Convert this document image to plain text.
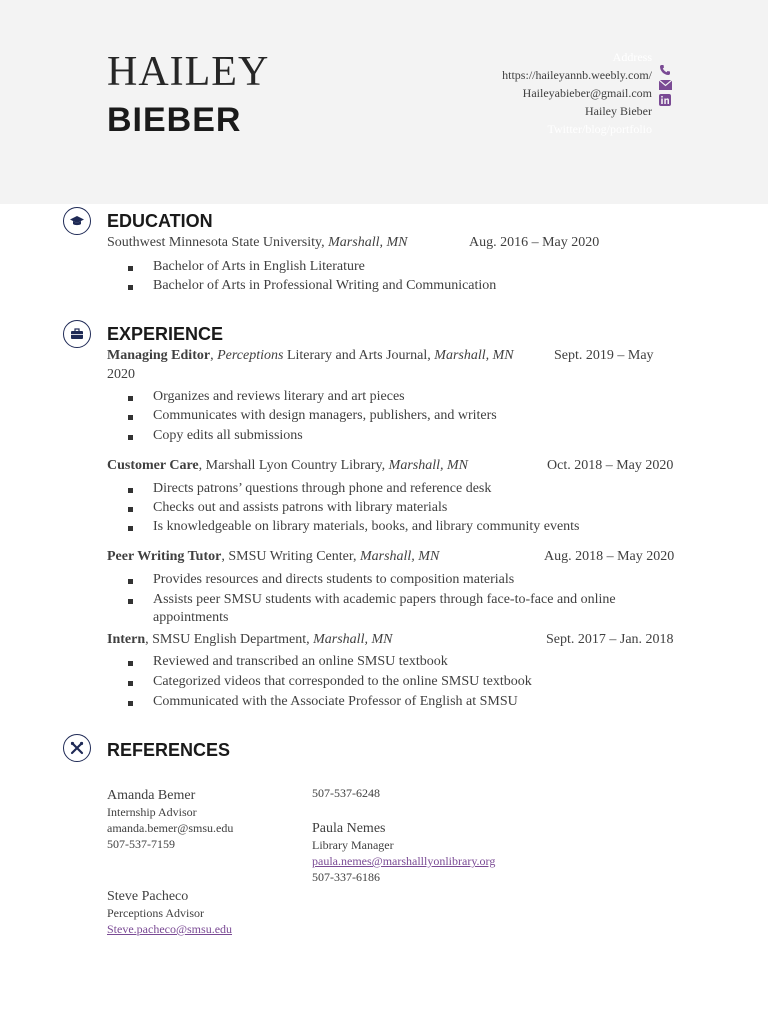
HAILEY
BIEBER
Address
https://haileyannb.weebly.com/
Haileyabieber@gmail.com
Hailey Bieber
Twitter/blog/portfolio
EDUCATION
Southwest Minnesota State University, Marshall, MN	Aug. 2016 – May 2020
Bachelor of Arts in English Literature
Bachelor of Arts in Professional Writing and Communication
EXPERIENCE
Managing Editor, Perceptions Literary and Arts Journal, Marshall, MN	Sept. 2019 – May
2020
Organizes and reviews literary and art pieces
Communicates with design managers, publishers, and writers
Copy edits all submissions
Customer Care, Marshall Lyon Country Library, Marshall, MN	Oct. 2018 – May 2020
Directs patrons’ questions through phone and reference desk
Checks out and assists patrons with library materials
Is knowledgeable on library materials, books, and library community events
Peer Writing Tutor, SMSU Writing Center, Marshall, MN	Aug. 2018 – May 2020
Provides resources and directs students to composition materials
Assists peer SMSU students with academic papers through face-to-face and online
appointments
Intern, SMSU English Department, Marshall, MN	Sept. 2017 – Jan. 2018
Reviewed and transcribed an online SMSU textbook
Categorized videos that corresponded to the online SMSU textbook
Communicated with the Associate Professor of English at SMSU
REFERENCES
Amanda Bemer
Internship Advisor
amanda.bemer@smsu.edu
507-537-7159
507-537-6248
Paula Nemes
Library Manager
paula.nemes@marshalllyonlibrary.org
507-337-6186
Steve Pacheco
Perceptions Advisor
Steve.pacheco@smsu.edu
